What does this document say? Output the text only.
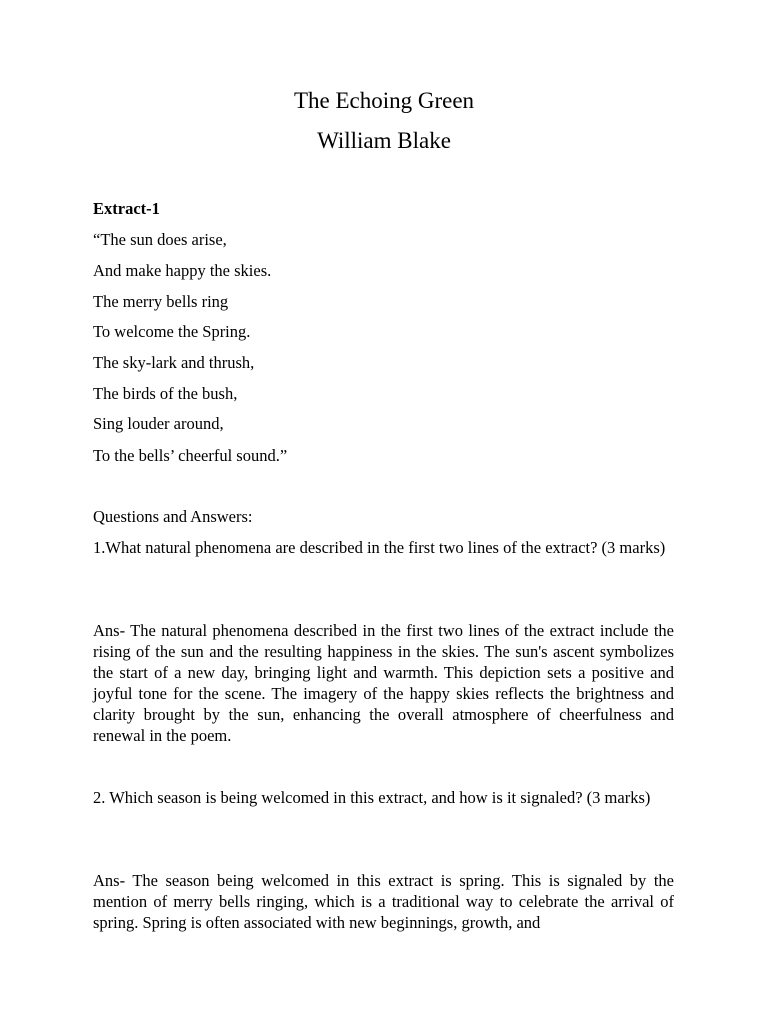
The Echoing Green
William Blake
Extract-1
“The sun does arise,
And make happy the skies.
The merry bells ring
To welcome the Spring.
The sky-lark and thrush,
The birds of the bush,
Sing louder around,
To the bells’ cheerful sound.”
Questions and Answers:
1.What natural phenomena are described in the first two lines of the extract? (3 marks)
Ans- The natural phenomena described in the first two lines of the extract include the rising of the sun and the resulting happiness in the skies. The sun's ascent symbolizes the start of a new day, bringing light and warmth. This depiction sets a positive and joyful tone for the scene. The imagery of the happy skies reflects the brightness and clarity brought by the sun, enhancing the overall atmosphere of cheerfulness and renewal in the poem.
2. Which season is being welcomed in this extract, and how is it signaled? (3 marks)
Ans- The season being welcomed in this extract is spring. This is signaled by the mention of merry bells ringing, which is a traditional way to celebrate the arrival of spring. Spring is often associated with new beginnings, growth, and
